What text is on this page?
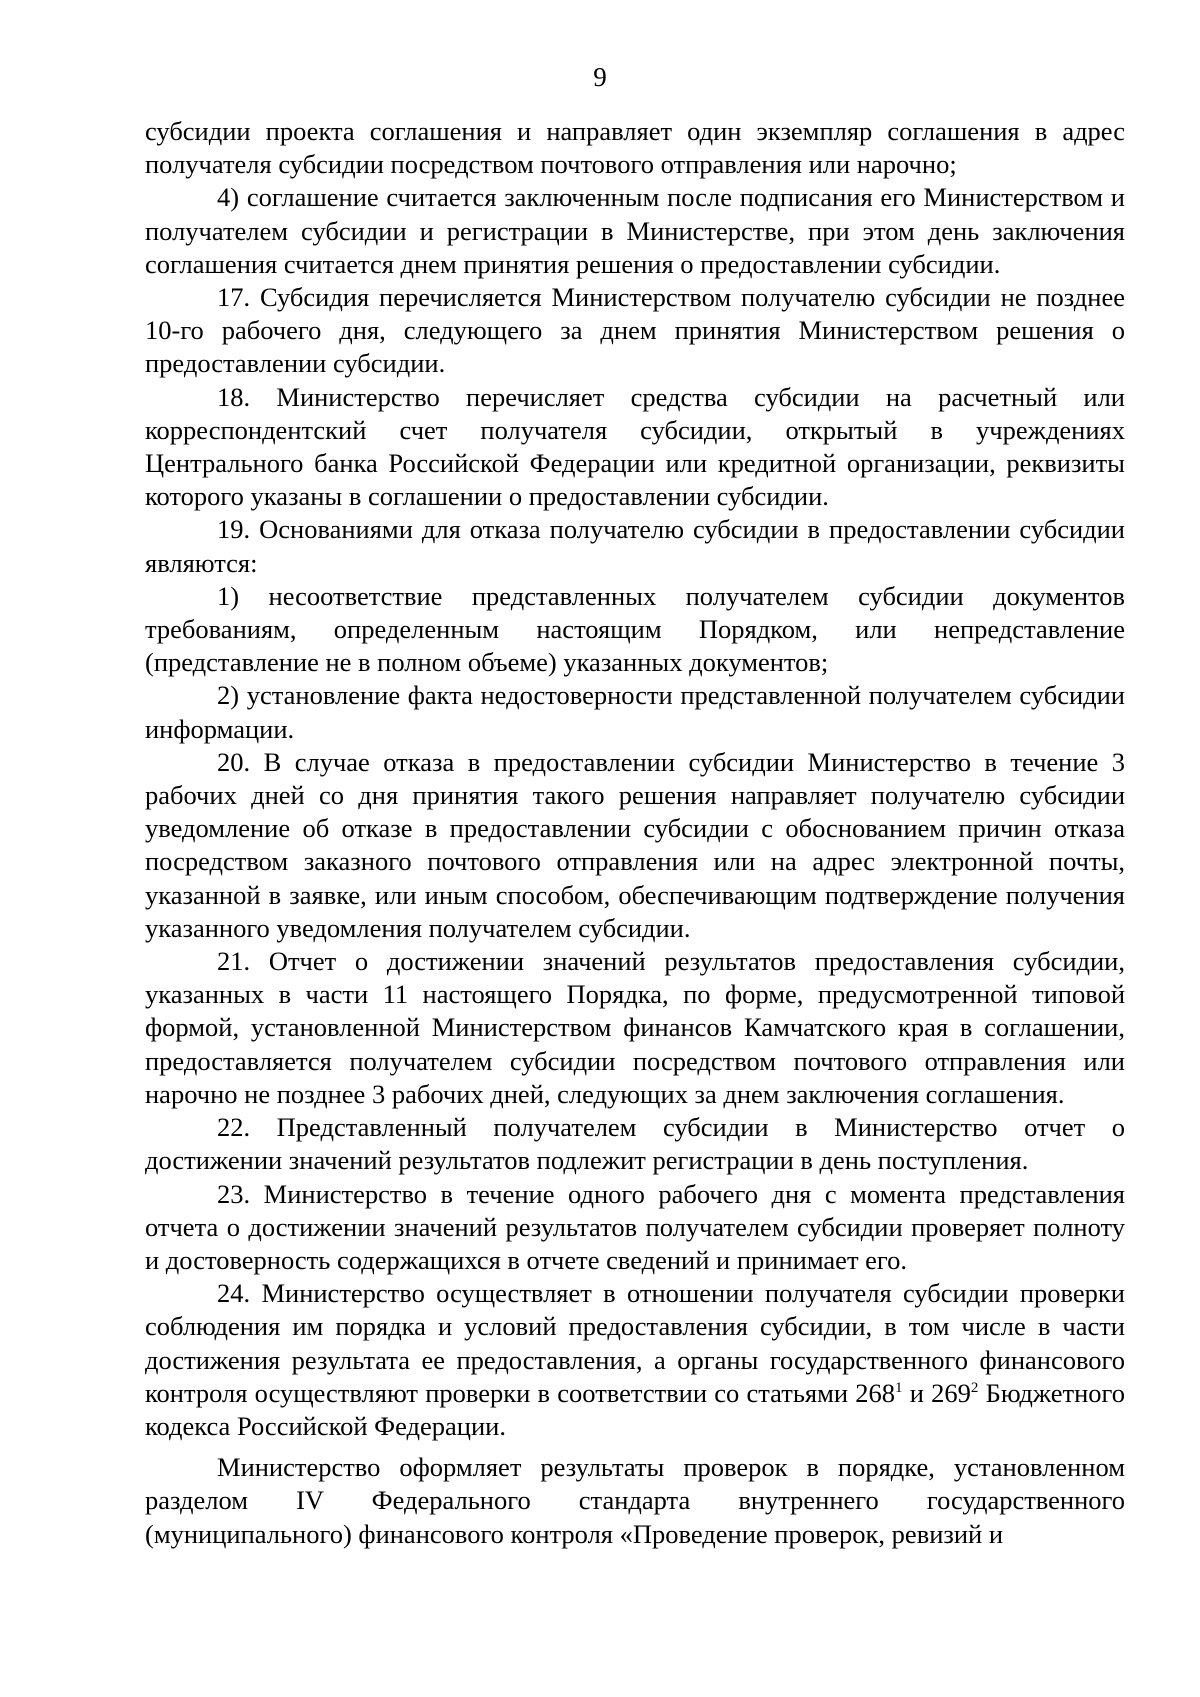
9

субсидии проекта соглашения и направляет один экземпляр соглашения в адрес получателя субсидии посредством почтового отправления или нарочно;

4) соглашение считается заключенным после подписания его Министерством и получателем субсидии и регистрации в Министерстве, при этом день заключения соглашения считается днем принятия решения о предоставлении субсидии.

17. Субсидия перечисляется Министерством получателю субсидии не позднее 10-го рабочего дня, следующего за днем принятия Министерством решения о предоставлении субсидии.

18. Министерство перечисляет средства субсидии на расчетный или корреспондентский счет получателя субсидии, открытый в учреждениях Центрального банка Российской Федерации или кредитной организации, реквизиты которого указаны в соглашении о предоставлении субсидии.

19. Основаниями для отказа получателю субсидии в предоставлении субсидии являются:

1) несоответствие представленных получателем субсидии документов требованиям, определенным настоящим Порядком, или непредставление (представление не в полном объеме) указанных документов;

2) установление факта недостоверности представленной получателем субсидии информации.

20. В случае отказа в предоставлении субсидии Министерство в течение 3 рабочих дней со дня принятия такого решения направляет получателю субсидии уведомление об отказе в предоставлении субсидии с обоснованием причин отказа посредством заказного почтового отправления или на адрес электронной почты, указанной в заявке, или иным способом, обеспечивающим подтверждение получения указанного уведомления получателем субсидии.

21. Отчет о достижении значений результатов предоставления субсидии, указанных в части 11 настоящего Порядка, по форме, предусмотренной типовой формой, установленной Министерством финансов Камчатского края в соглашении, предоставляется получателем субсидии посредством почтового отправления или нарочно не позднее 3 рабочих дней, следующих за днем заключения соглашения.

22. Представленный получателем субсидии в Министерство отчет о достижении значений результатов подлежит регистрации в день поступления.

23. Министерство в течение одного рабочего дня с момента представления отчета о достижении значений результатов получателем субсидии проверяет полноту и достоверность содержащихся в отчете сведений и принимает его.

24. Министерство осуществляет в отношении получателя субсидии проверки соблюдения им порядка и условий предоставления субсидии, в том числе в части достижения результата ее предоставления, а органы государственного финансового контроля осуществляют проверки в соответствии со статьями $268^1$ и $269^2$ Бюджетного кодекса Российской Федерации.

Министерство оформляет результаты проверок в порядке, установленном разделом IV Федерального стандарта внутреннего государственного (муниципального) финансового контроля «Проведение проверок, ревизий и
